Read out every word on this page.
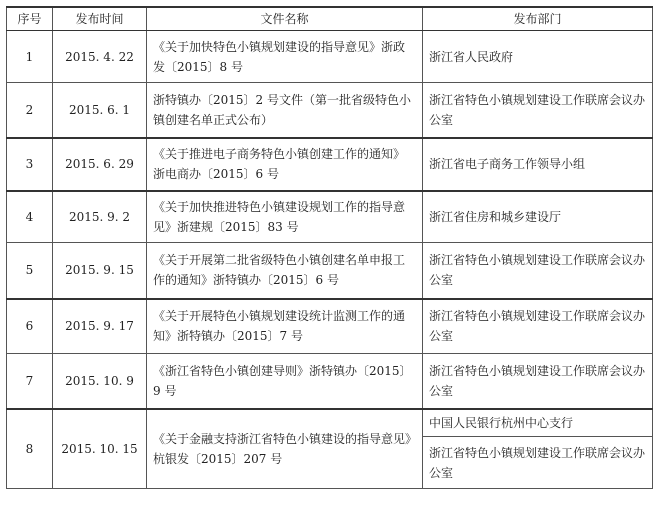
序号	发布时间	文件名称	发布部门
1	2015. 4. 22	《关于加快特色小镇规划建设的指导意见》浙政发〔2015〕8 号	浙江省人民政府
2	2015. 6. 1	浙特镇办〔2015〕2 号文件（第一批省级特色小镇创建名单正式公布）	浙江省特色小镇规划建设工作联席会议办公室
3	2015. 6. 29	《关于推进电子商务特色小镇创建工作的通知》浙电商办〔2015〕6 号	浙江省电子商务工作领导小组
4	2015. 9. 2	《关于加快推进特色小镇建设规划工作的指导意见》浙建规〔2015〕83 号	浙江省住房和城乡建设厅
5	2015. 9. 15	《关于开展第二批省级特色小镇创建名单申报工作的通知》浙特镇办〔2015〕6 号	浙江省特色小镇规划建设工作联席会议办公室
6	2015. 9. 17	《关于开展特色小镇规划建设统计监测工作的通知》浙特镇办〔2015〕7 号	浙江省特色小镇规划建设工作联席会议办公室
7	2015. 10. 9	《浙江省特色小镇创建导则》浙特镇办〔2015〕9 号	浙江省特色小镇规划建设工作联席会议办公室
8	2015. 10. 15	《关于金融支持浙江省特色小镇建设的指导意见》杭银发〔2015〕207 号	中国人民银行杭州中心支行
			浙江省特色小镇规划建设工作联席会议办公室
